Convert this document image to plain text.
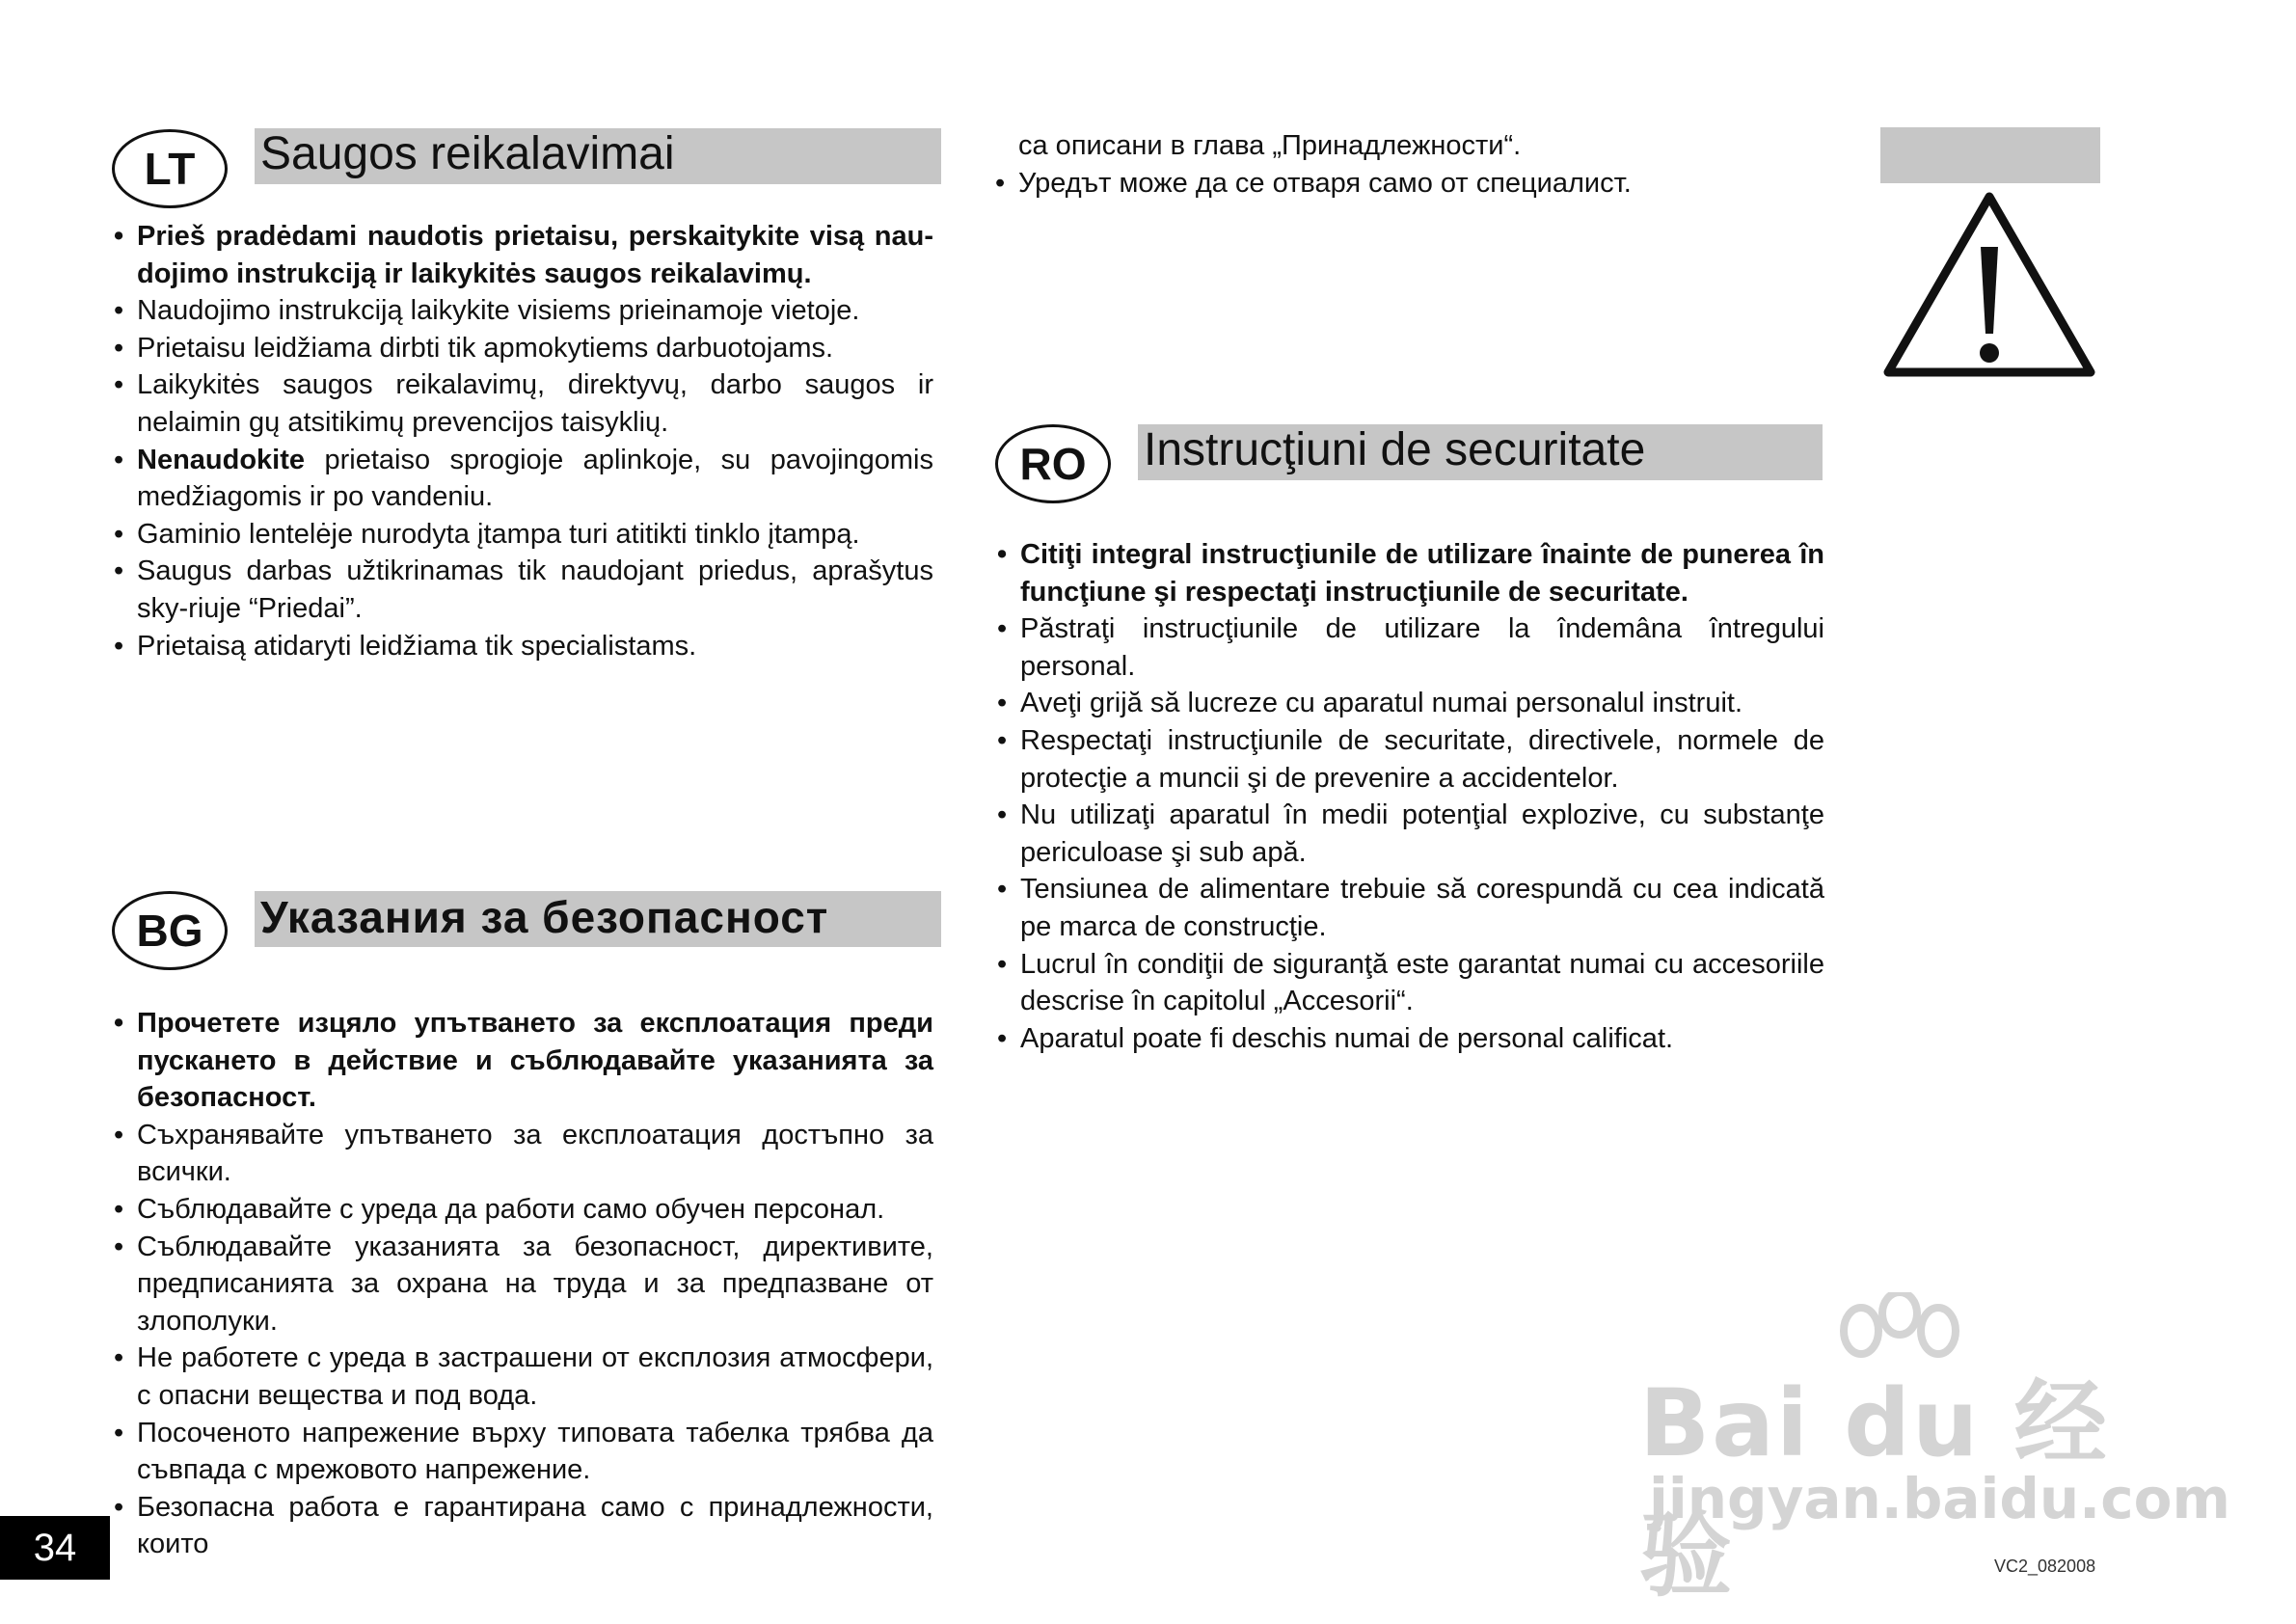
LT	Saugos reikalavimai
• Prieš pradėdami naudotis prietaisu, perskaitykite visą nau-dojimo instrukciją ir laikykitės saugos reikalavimų.
• Naudojimo instrukciją laikykite visiems prieinamoje vietoje.
• Prietaisu leidžiama dirbti tik apmokytiems darbuotojams.
• Laikykitės saugos reikalavimų, direktyvų, darbo saugos ir nelaimin gų atsitikimų prevencijos taisyklių.
• Nenaudokite prietaiso sprogioje aplinkoje, su pavojingomis medžiagomis ir po vandeniu.
• Gaminio lentelėje nurodyta įtampa turi atitikti tinklo įtampą.
• Saugus darbas užtikrinamas tik naudojant priedus, aprašytus sky-riuje “Priedai”.
• Prietaisą atidaryti leidžiama tik specialistams.
BG	Указания за безопасност
• Прочетете изцяло упътването за експлоатация преди пускането в действие и съблюдавайте указанията за безопасност.
• Съхранявайте упътването за експлоатация достъпно за всички.
• Съблюдавайте с уреда да работи само обучен персонал.
• Съблюдавайте указанията за безопасност, директивите, предписанията за охрана на труда и за предпазване от злополуки.
• Не работете с уреда в застрашени от експлозия атмосфери, с опасни вещества и под вода.
• Посоченото напрежение върху типовата табелка трябва да съвпада с мрежовото напрежение.
• Безопасна работа е гарантирана само с принадлежности, които
са описани в глава „Принадлежности“.
• Уредът може да се отваря само от специалист.
RO	Instrucţiuni de securitate
• Citiţi integral instrucţiunile de utilizare înainte de punerea în funcţiune şi respectaţi instrucţiunile de securitate.
• Păstraţi instrucţiunile de utilizare la îndemâna întregului personal.
• Aveţi grijă să lucreze cu aparatul numai personalul instruit.
• Respectaţi instrucţiunile de securitate, directivele, normele de protecţie a muncii şi de prevenire a accidentelor.
• Nu utilizaţi aparatul în medii potenţial explozive, cu substanţe periculoase şi sub apă.
• Tensiunea de alimentare trebuie să corespundă cu cea indicată pe marca de construcţie.
• Lucrul în condiţii de siguranţă este garantat numai cu accesoriile descrise în capitolul „Accesorii“.
• Aparatul poate fi deschis numai de personal calificat.
Bai du 经验
jingyan.baidu.com
34	VC2_082008
